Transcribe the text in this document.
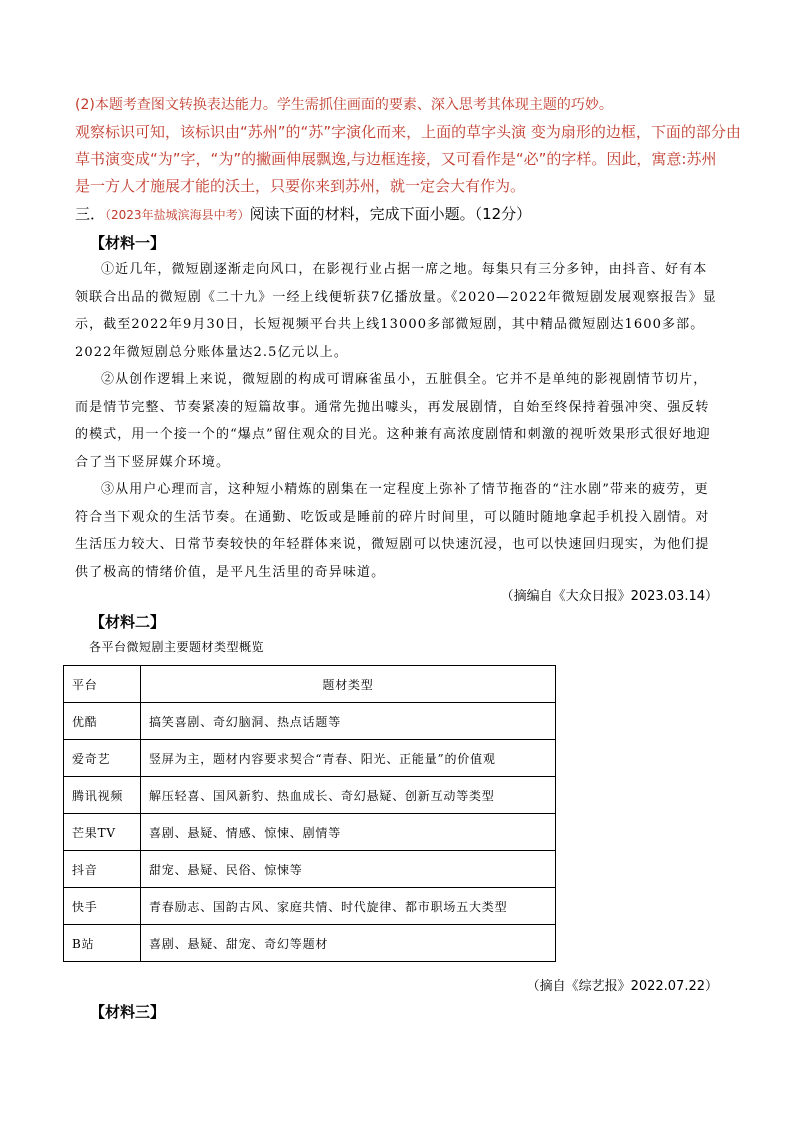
(2)本题考查图文转换表达能力。学生需抓住画面的要素、深入思考其体现主题的巧妙。
观察标识可知，该标识由“苏州”的“苏”字演化而来，上面的草字头演 变为扇形的边框，下面的部分由
草书演变成“为”字，“为”的撇画伸展飘逸,与边框连接，又可看作是“必”的字样。因此，寓意:苏州
是一方人才施展才能的沃土，只要你来到苏州，就一定会大有作为。
三．（2023年盐城滨海县中考）阅读下面的材料，完成下面小题。（12分）
【材料一】
①近几年，微短剧逐渐走向风口，在影视行业占据一席之地。每集只有三分多钟，由抖音、好有本领联合出品的微短剧《二十九》一经上线便斩获7亿播放量。《2020—2022年微短剧发展观察报告》显示，截至2022年9月30日，长短视频平台共上线13000多部微短剧，其中精品微短剧达1600多部。2022年微短剧总分账体量达2.5亿元以上。
②从创作逻辑上来说，微短剧的构成可谓麻雀虽小，五脏俱全。它并不是单纯的影视剧情节切片，而是情节完整、节奏紧凑的短篇故事。通常先抛出噱头，再发展剧情，自始至终保持着强冲突、强反转的模式，用一个接一个的“爆点”留住观众的目光。这种兼有高浓度剧情和刺激的视听效果形式很好地迎合了当下竖屏媒介环境。
③从用户心理而言，这种短小精炼的剧集在一定程度上弥补了情节拖沓的“注水剧”带来的疲劳，更符合当下观众的生活节奏。在通勤、吃饭或是睡前的碎片时间里，可以随时随地拿起手机投入剧情。对生活压力较大、日常节奏较快的年轻群体来说，微短剧可以快速沉浸，也可以快速回归现实，为他们提供了极高的情绪价值，是平凡生活里的奇异味道。
（摘编自《大众日报》2023.03.14）
【材料二】
各平台微短剧主要题材类型概览
平台	题材类型
优酷	搞笑喜剧、奇幻脑洞、热点话题等
爱奇艺	竖屏为主，题材内容要求契合“青春、阳光、正能量”的价值观
腾讯视频	解压轻喜、国风新豹、热血成长、奇幻悬疑、创新互动等类型
芒果TV	喜剧、悬疑、情感、惊悚、剧情等
抖音	甜宠、悬疑、民俗、惊悚等
快手	青春励志、国韵古风、家庭共情、时代旋律、都市职场五大类型
B站	喜剧、悬疑、甜宠、奇幻等题材
（摘自《综艺报》2022.07.22）
【材料三】
